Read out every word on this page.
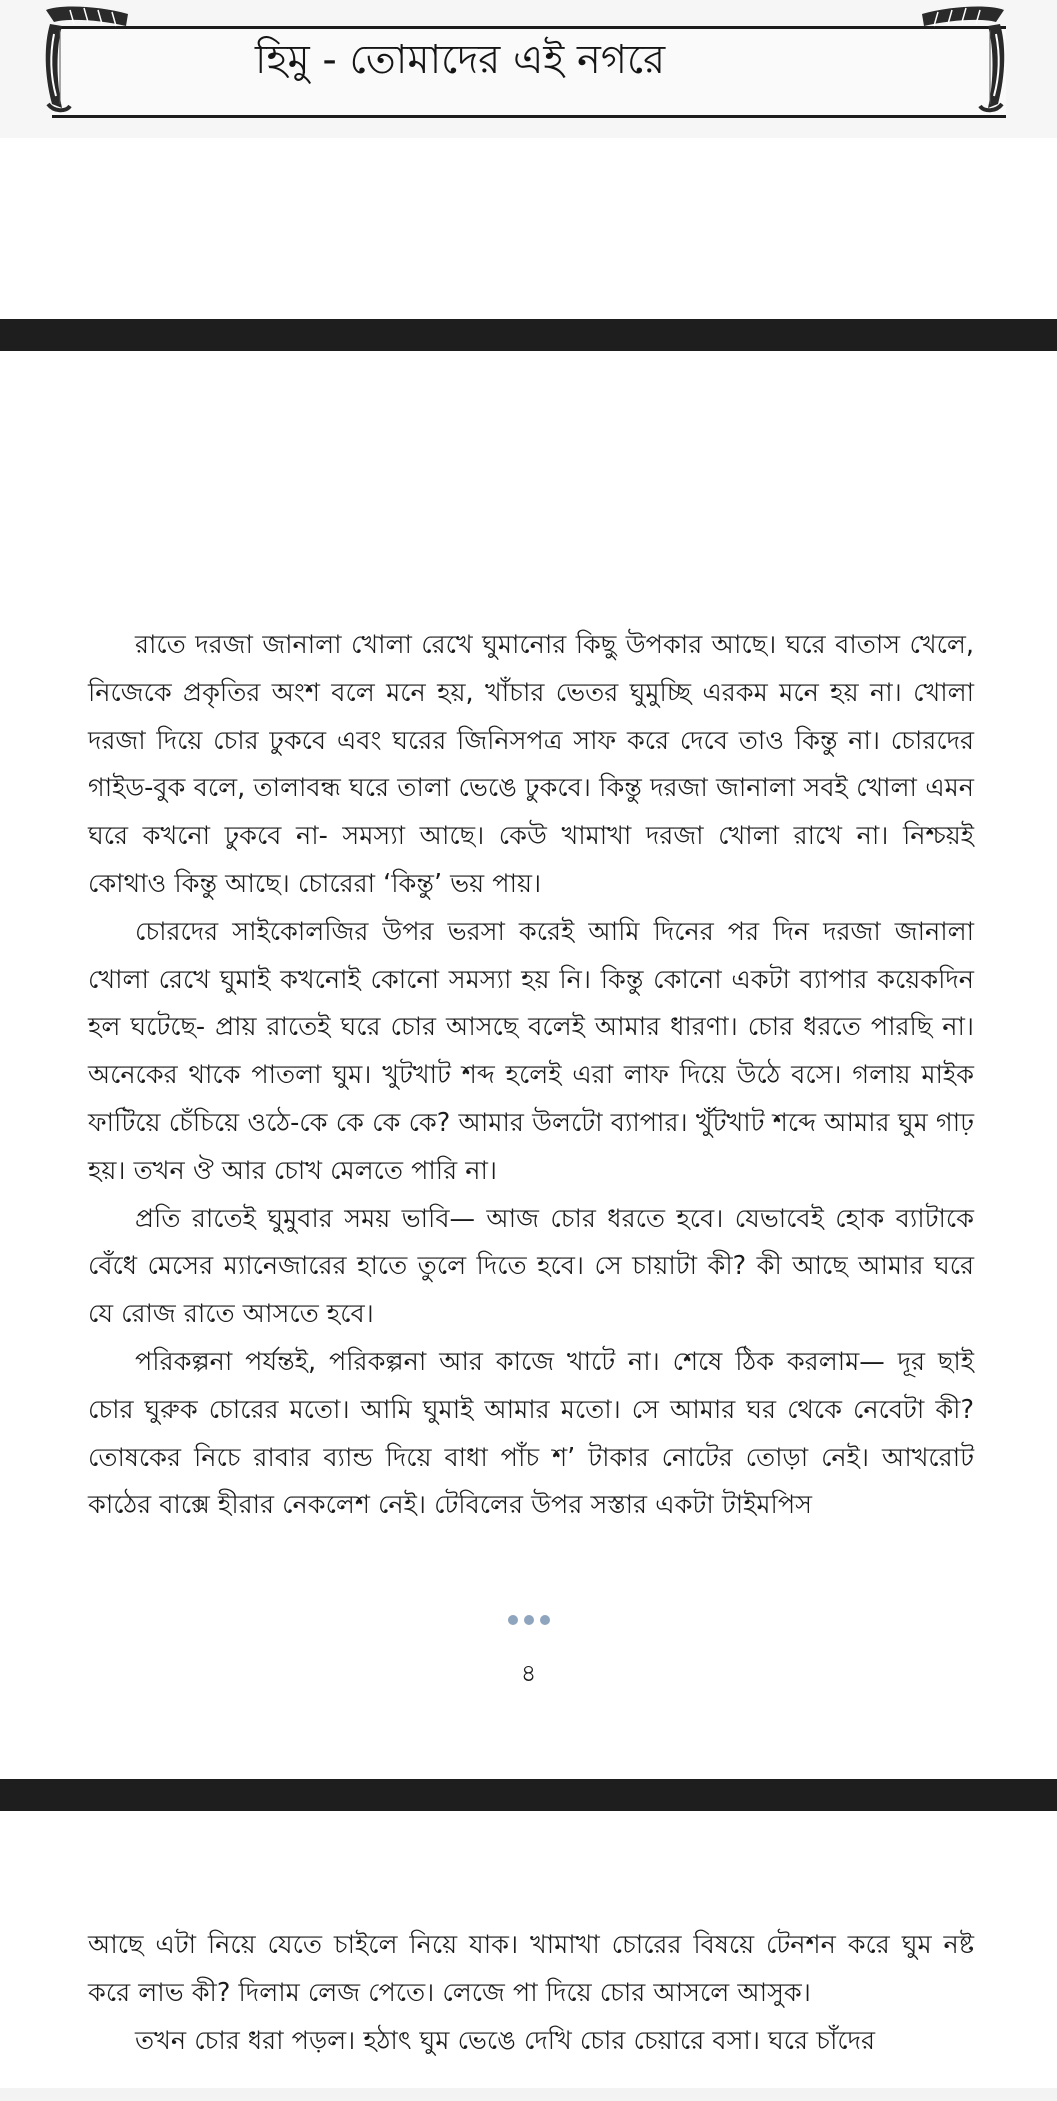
হিমু - তোমাদের এই নগরে

রাতে দরজা জানালা খোলা রেখে ঘুমানোর কিছু উপকার আছে। ঘরে বাতাস খেলে, নিজেকে প্রকৃতির অংশ বলে মনে হয়, খাঁচার ভেতর ঘুমুচ্ছি এরকম মনে হয় না। খোলা দরজা দিয়ে চোর ঢুকবে এবং ঘরের জিনিসপত্র সাফ করে দেবে তাও কিন্তু না। চোরদের গাইড-বুক বলে, তালাবন্ধ ঘরে তালা ভেঙে ঢুকবে। কিন্তু দরজা জানালা সবই খোলা এমন ঘরে কখনো ঢুকবে না- সমস্যা আছে। কেউ খামাখা দরজা খোলা রাখে না। নিশ্চয়ই কোথাও কিন্তু আছে। চোরেরা ‘কিন্তু’ ভয় পায়।

চোরদের সাইকোলজির উপর ভরসা করেই আমি দিনের পর দিন দরজা জানালা খোলা রেখে ঘুমাই কখনোই কোনো সমস্যা হয় নি। কিন্তু কোনো একটা ব্যাপার কয়েকদিন হল ঘটেছে- প্রায় রাতেই ঘরে চোর আসছে বলেই আমার ধারণা। চোর ধরতে পারছি না। অনেকের থাকে পাতলা ঘুম। খুটখাট শব্দ হলেই এরা লাফ দিয়ে উঠে বসে। গলায় মাইক ফাটিয়ে চেঁচিয়ে ওঠে-কে কে কে কে? আমার উলটো ব্যাপার। খুঁটখাট শব্দে আমার ঘুম গাঢ় হয়। তখন ঔ আর চোখ মেলতে পারি না।

প্রতি রাতেই ঘুমুবার সময় ভাবি— আজ চোর ধরতে হবে। যেভাবেই হোক ব্যাটাকে বেঁধে মেসের ম্যানেজারের হাতে তুলে দিতে হবে। সে চায়াটা কী? কী আছে আমার ঘরে যে রোজ রাতে আসতে হবে।

পরিকল্পনা পর্যন্তই, পরিকল্পনা আর কাজে খাটে না। শেষে ঠিক করলাম— দূর ছাই চোর ঘুরুক চোরের মতো। আমি ঘুমাই আমার মতো। সে আমার ঘর থেকে নেবেটা কী? তোষকের নিচে রাবার ব্যান্ড দিয়ে বাধা পাঁচ শ’ টাকার নোটের তোড়া নেই। আখরোট কাঠের বাক্সে হীরার নেকলেশ নেই। টেবিলের উপর সস্তার একটা টাইমপিস

৪

আছে এটা নিয়ে যেতে চাইলে নিয়ে যাক। খামাখা চোরের বিষয়ে টেনশন করে ঘুম নষ্ট করে লাভ কী? দিলাম লেজ পেতে। লেজে পা দিয়ে চোর আসলে আসুক।

তখন চোর ধরা পড়ল। হঠাৎ ঘুম ভেঙে দেখি চোর চেয়ারে বসা। ঘরে চাঁদের
